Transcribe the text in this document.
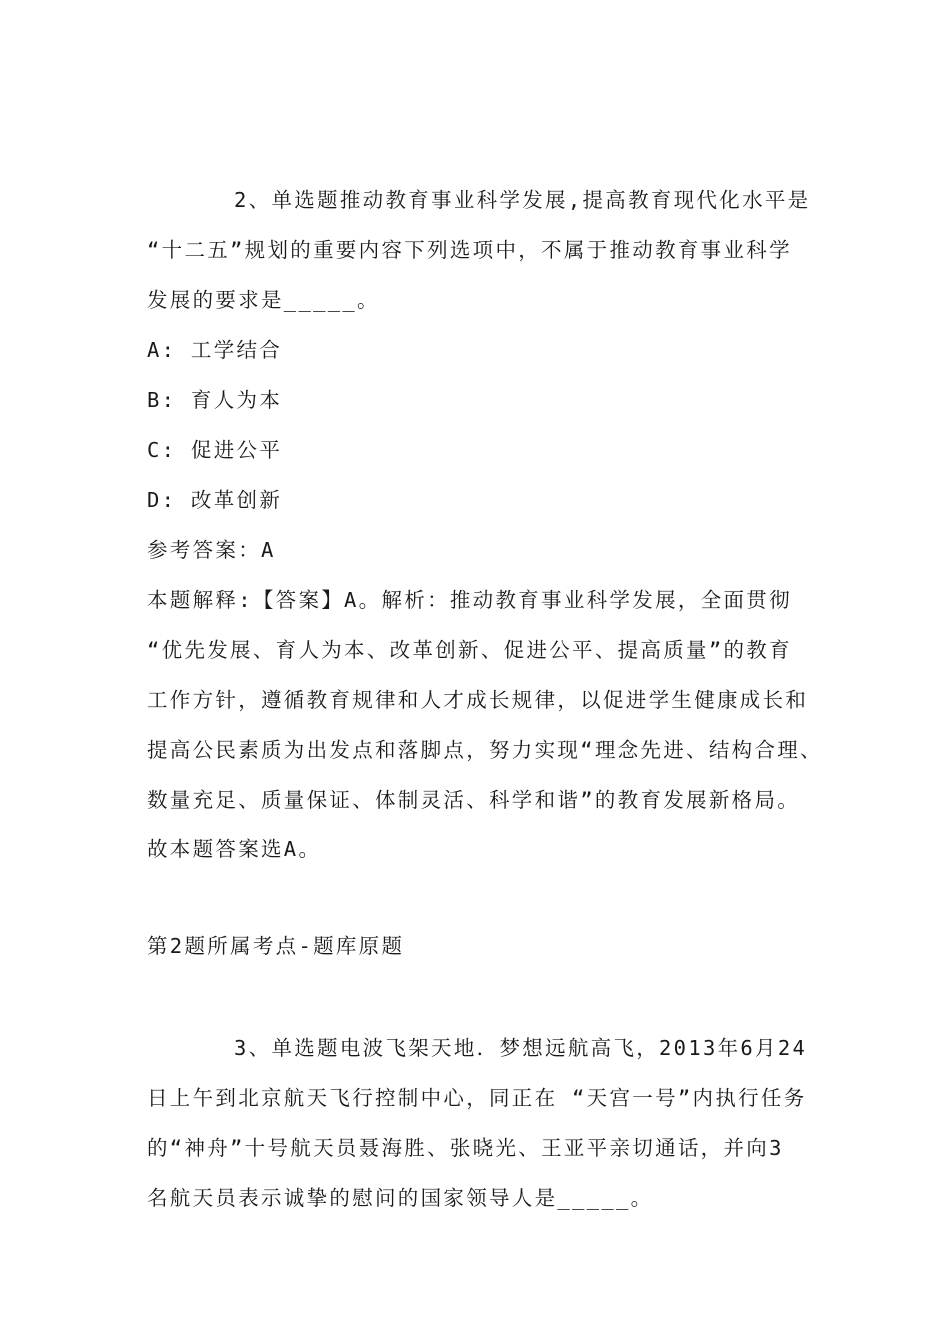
2、单选题推动教育事业科学发展,提高教育现代化水平是
“十二五”规划的重要内容下列选项中，不属于推动教育事业科学
发展的要求是_____。
A: 工学结合
B: 育人为本
C: 促进公平
D: 改革创新
参考答案：A
本题解释:【答案】A。解析：推动教育事业科学发展，全面贯彻
“优先发展、育人为本、改革创新、促进公平、提高质量”的教育
工作方针，遵循教育规律和人才成长规律，以促进学生健康成长和
提高公民素质为出发点和落脚点，努力实现“理念先进、结构合理、
数量充足、质量保证、体制灵活、科学和谐”的教育发展新格局。
故本题答案选A。
第2题所属考点-题库原题
3、单选题电波飞架天地．梦想远航高飞，2013年6月24
日上午到北京航天飞行控制中心，同正在 “天宫一号”内执行任务
的“神舟”十号航天员聂海胜、张晓光、王亚平亲切通话，并向3
名航天员表示诚挚的慰问的国家领导人是_____。
